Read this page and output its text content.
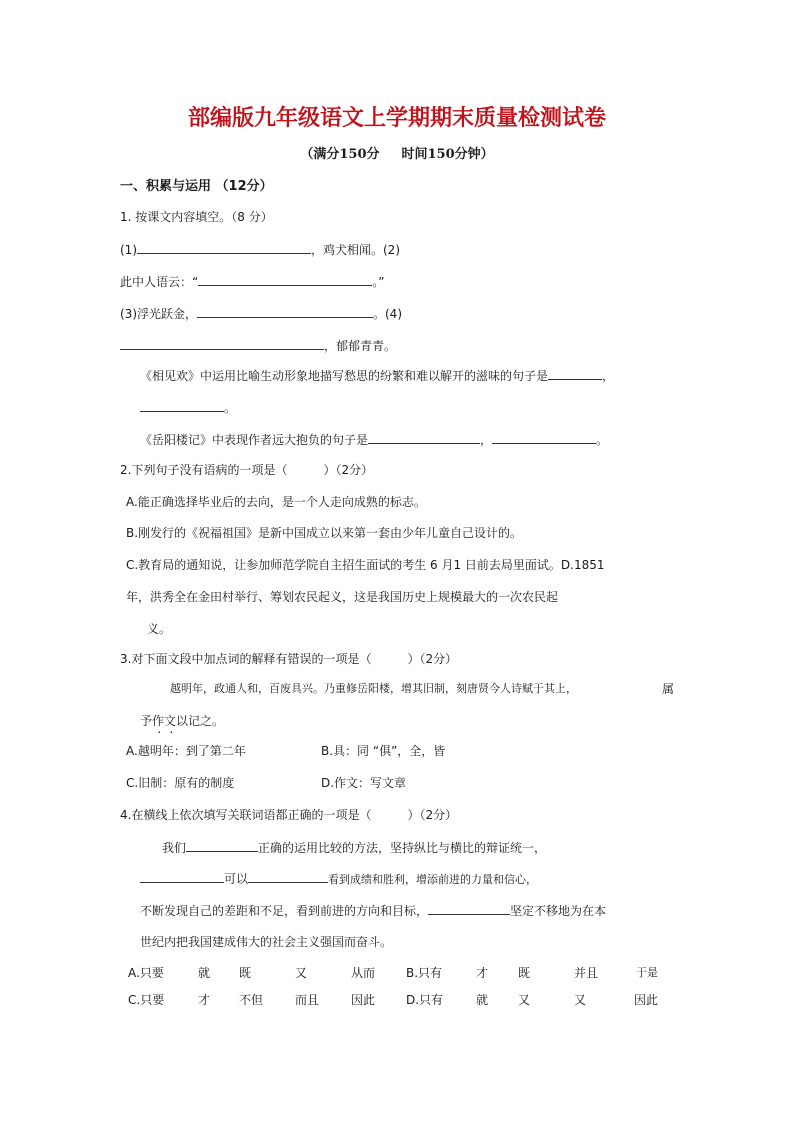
部编版九年级语文上学期期末质量检测试卷
（满分150分 时间150分钟）
一、积累与运用 （12分）
1. 按课文内容填空。（8 分）
(1)	，鸡犬相闻。(2)
此中人语云：“	。”
(3)浮光跃金，	。(4)
，郁郁青青。
《相见欢》中运用比喻生动形象地描写愁思的纷繁和难以解开的滋味的句子是	，
。
《岳阳楼记》中表现作者远大抱负的句子是	，	。
2.下列句子没有语病的一项是（　　　）（2分）
A.能正确选择毕业后的去向，是一个人走向成熟的标志。
B.刚发行的《祝福祖国》是新中国成立以来第一套由少年儿童自己设计的。
C.教育局的通知说，让参加师范学院自主招生面试的考生 6 月1 日前去局里面试。D.1851
年，洪秀全在金田村举行、筹划农民起义，这是我国历史上规模最大的一次农民起
义。
3.对下面文段中加点词的解释有错误的一项是（　　　）（2分）
越明年，政通人和，百废具兴。乃重修岳阳楼，增其旧制，刻唐贤今人诗赋于其上，	属
予作文以记之。
A.越明年：到了第二年	B.具：同 “俱”，全，皆
C.旧制：原有的制度	D.作文：写文章
4.在横线上依次填写关联词语都正确的一项是（　　　）（2分）
我们	正确的运用比较的方法，坚持纵比与横比的辩证统一，
可以	看到成绩和胜利，增添前进的力量和信心，
不断发现自己的差距和不足，看到前进的方向和目标，	坚定不移地为在本
世纪内把我国建成伟大的社会主义强国而奋斗。
A.只要	就 既	又	从而	B.只有	才 既	并且	于是
C.只要	才 不但	而且	因此	D.只有	就 又	又	因此
